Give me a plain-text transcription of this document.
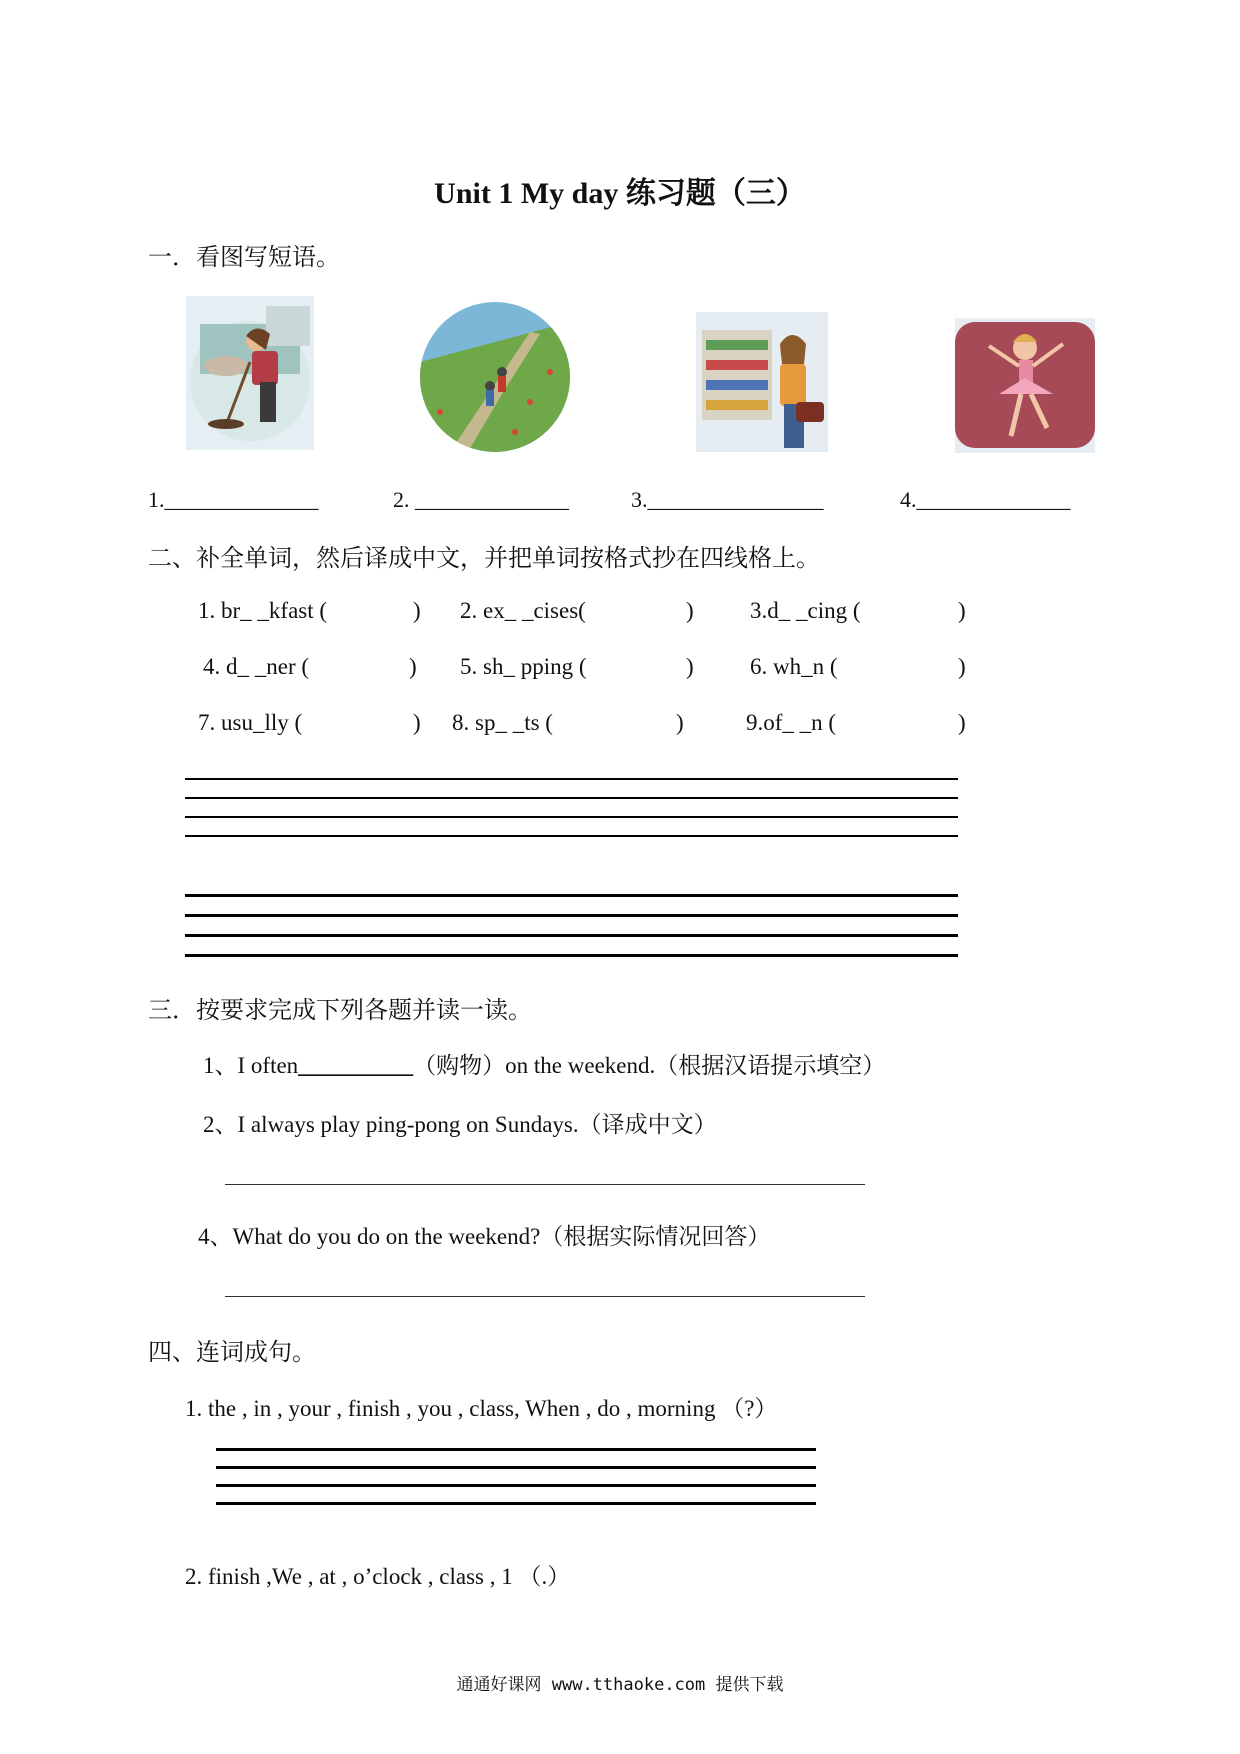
Unit 1 My day 练习题（三）
一．看图写短语。
1.______________	2. ______________	3.________________	4.______________
二、补全单词，然后译成中文，并把单词按格式抄在四线格上。
1. br_ _kfast (	) 2. ex_ _cises(	) 3.d_ _cing (	)
4. d_ _ner (	) 5. sh_ pping (	) 6. wh_n (	)
7. usu_lly (	) 8. sp_ _ts (	)	9.of_ _n (	)
三．按要求完成下列各题并读一读。
1、I often__________（购物）on the weekend.（根据汉语提示填空）
2、I always play ping-pong on Sundays.（译成中文）
4、What do you do on the weekend?（根据实际情况回答）
四、连词成句。
1. the , in , your , finish , you , class, When , do , morning （?）
2. finish ,We , at , o’clock , class , 1 （.）
通通好课网 www.tthaoke.com 提供下载
